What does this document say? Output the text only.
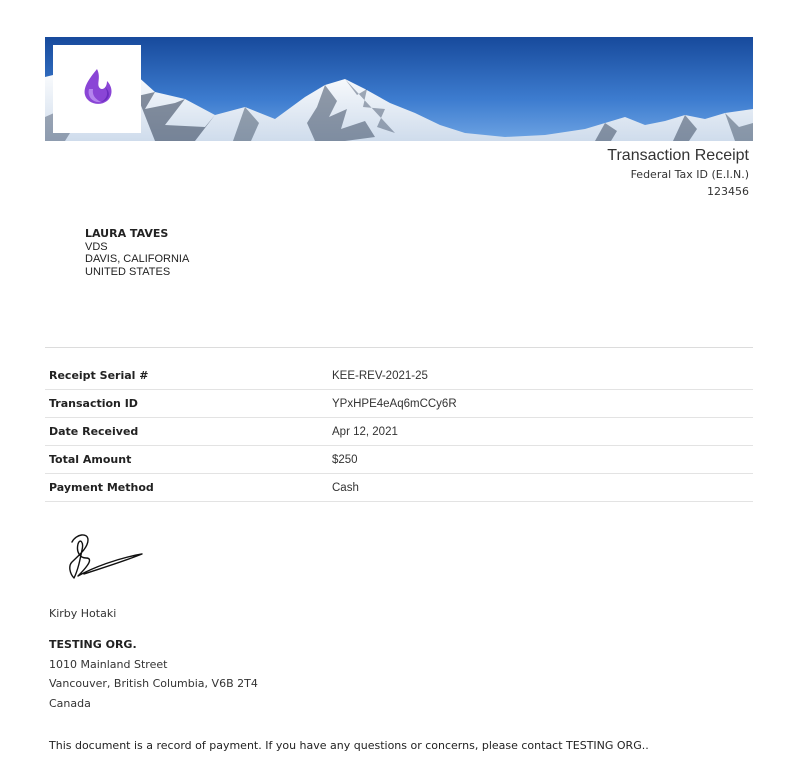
Transaction Receipt
Federal Tax ID (E.I.N.)
123456
LAURA TAVES
VDS
DAVIS, CALIFORNIA
UNITED STATES
Receipt Serial #	KEE-REV-2021-25
Transaction ID	YPxHPE4eAq6mCCy6R
Date Received	Apr 12, 2021
Total Amount	$250
Payment Method	Cash
Kirby Hotaki
TESTING ORG.
1010 Mainland Street
Vancouver, British Columbia, V6B 2T4
Canada
This document is a record of payment. If you have any questions or concerns, please contact TESTING ORG..
